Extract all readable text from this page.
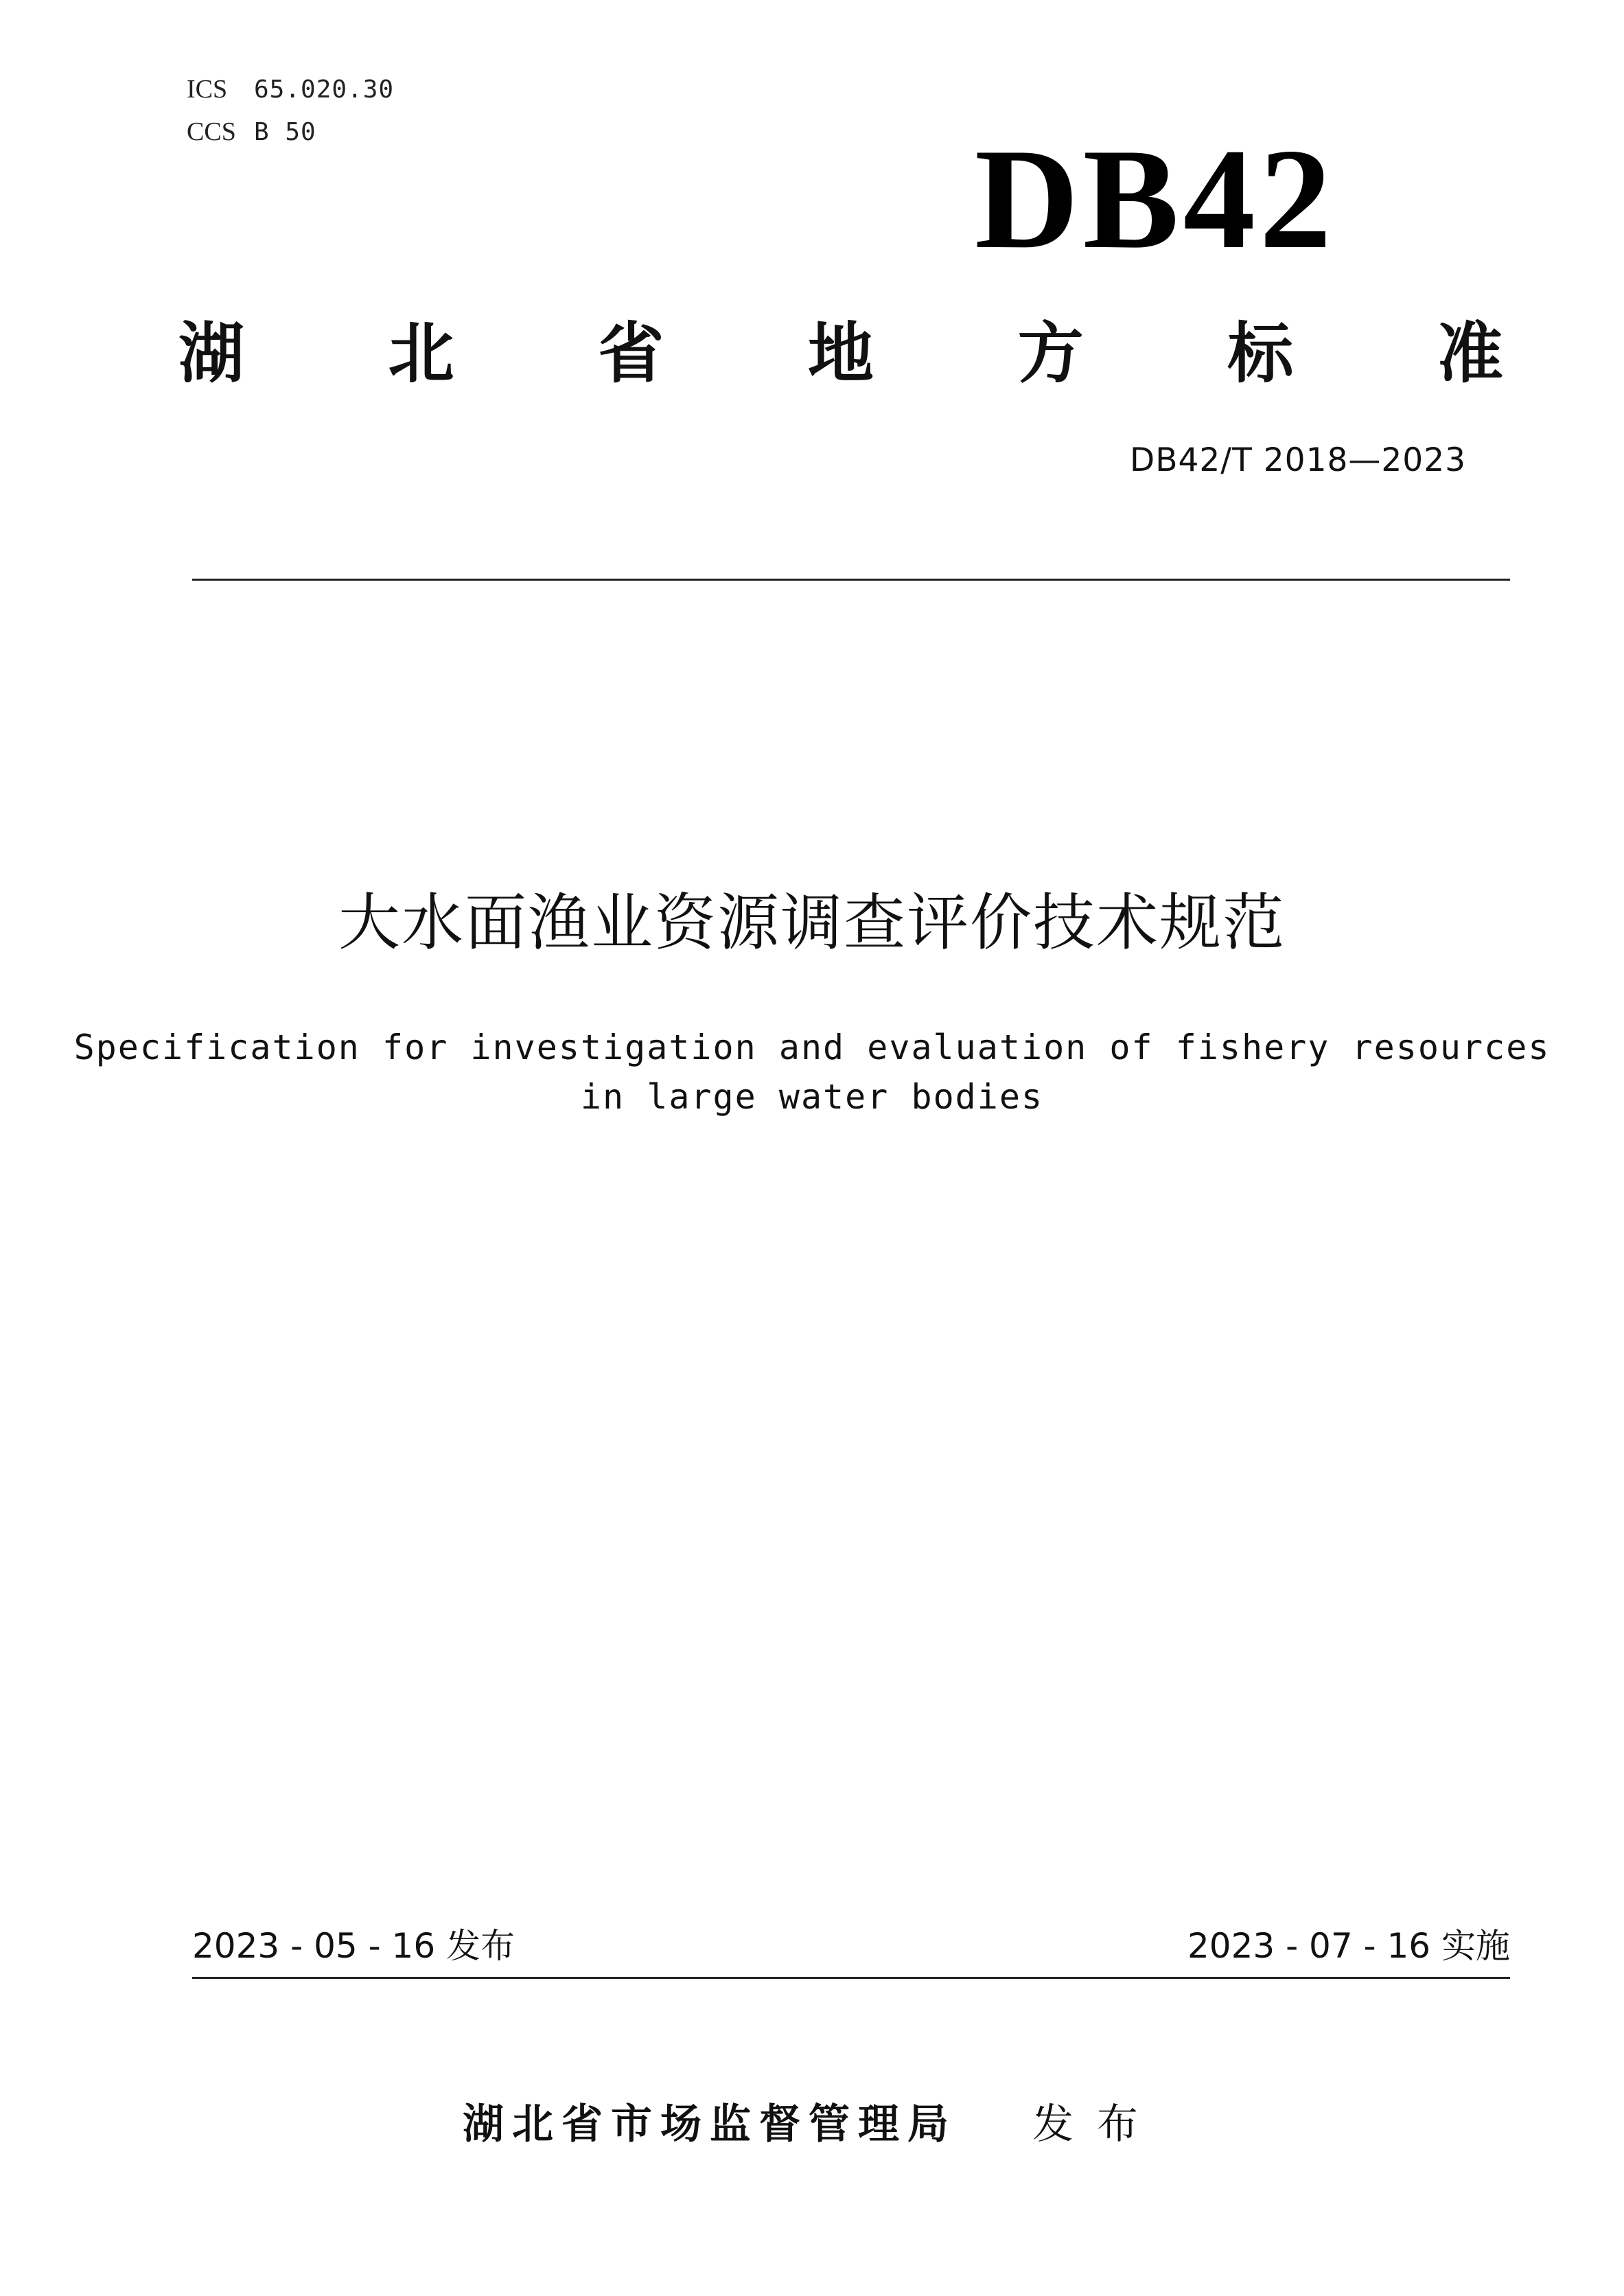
ICS	65.020.30
CCS B 50	DB42
湖 北 省 地 方 标 准
DB42/T 2018—2023
大水面渔业资源调查评价技术规范
Specification for investigation and evaluation of fishery resources
in large water bodies
2023 - 05 - 16 发布	2023 - 07 - 16 实施
湖北省市场监督管理局 发布
